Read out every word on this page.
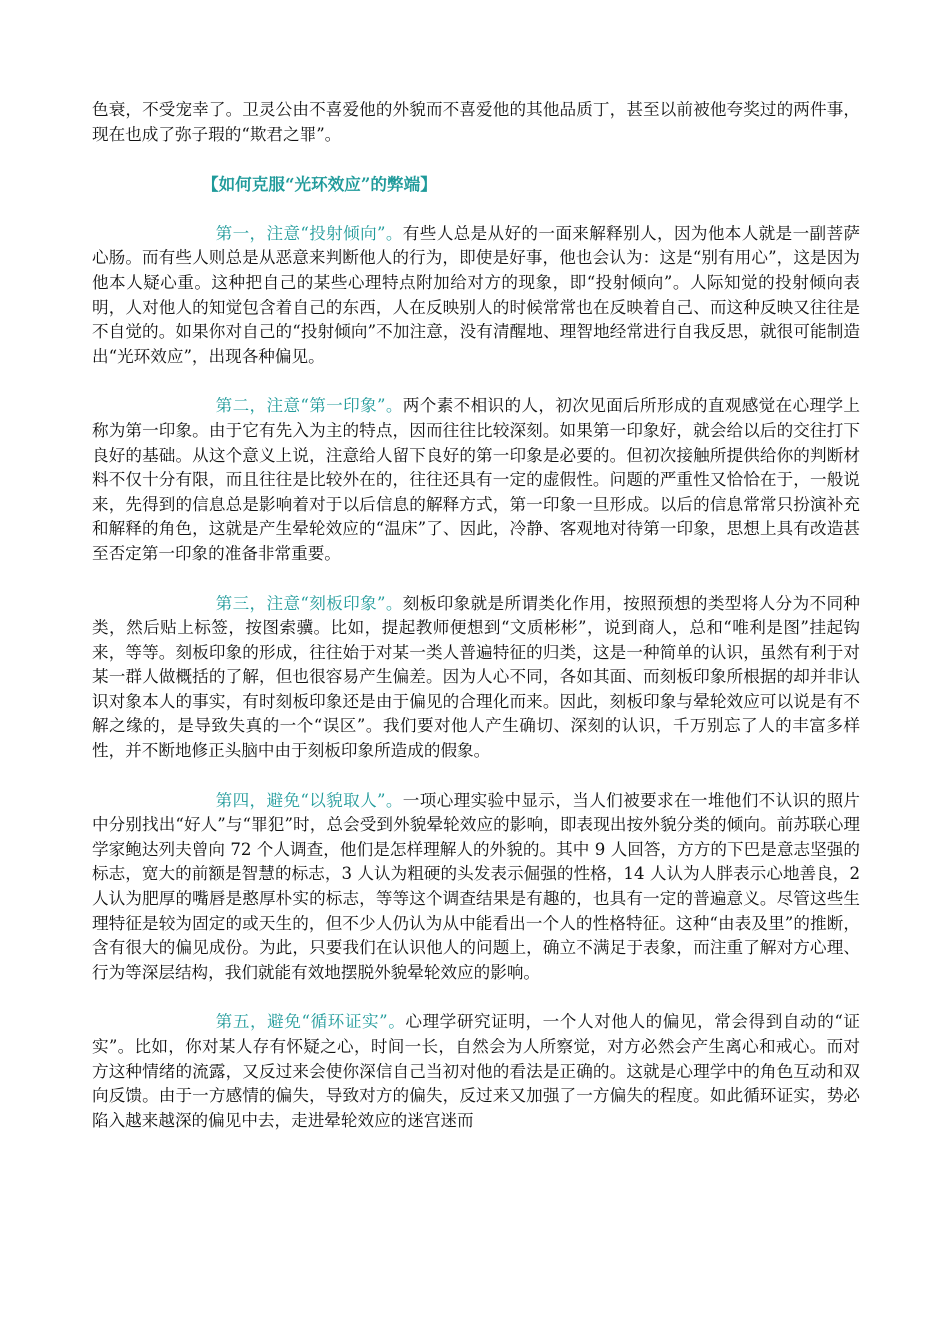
色衰，不受宠幸了。卫灵公由不喜爱他的外貌而不喜爱他的其他品质丁，甚至以前被他夸奖过的两件事，现在也成了弥子瑕的“欺君之罪”。

【如何克服“光环效应”的弊端】

第一，注意“投射倾向”。有些人总是从好的一面来解释别人，因为他本人就是一副菩萨心肠。而有些人则总是从恶意来判断他人的行为，即使是好事，他也会认为：这是“别有用心”，这是因为他本人疑心重。这种把自己的某些心理特点附加给对方的现象，即“投射倾向”。人际知觉的投射倾向表明，人对他人的知觉包含着自己的东西，人在反映别人的时候常常也在反映着自己、而这种反映又往往是不自觉的。如果你对自己的“投射倾向”不加注意，没有清醒地、理智地经常进行自我反思，就很可能制造出“光环效应”，出现各种偏见。

第二，注意“第一印象”。两个素不相识的人，初次见面后所形成的直观感觉在心理学上称为第一印象。由于它有先入为主的特点，因而往往比较深刻。如果第一印象好，就会给以后的交往打下良好的基础。从这个意义上说，注意给人留下良好的第一印象是必要的。但初次接触所提供给你的判断材料不仅十分有限，而且往往是比较外在的，往往还具有一定的虚假性。问题的严重性又恰恰在于，一般说来，先得到的信息总是影响着对于以后信息的解释方式，第一印象一旦形成。以后的信息常常只扮演补充和解释的角色，这就是产生晕轮效应的“温床”了、因此，冷静、客观地对待第一印象，思想上具有改造甚至否定第一印象的准备非常重要。

第三，注意“刻板印象”。刻板印象就是所谓类化作用，按照预想的类型将人分为不同种类，然后贴上标签，按图索骥。比如，提起教师便想到“文质彬彬”，说到商人，总和“唯利是图”挂起钩来，等等。刻板印象的形成，往往始于对某一类人普遍特征的归类，这是一种简单的认识，虽然有利于对某一群人做概括的了解，但也很容易产生偏差。因为人心不同，各如其面、而刻板印象所根据的却并非认识对象本人的事实，有时刻板印象还是由于偏见的合理化而来。因此，刻板印象与晕轮效应可以说是有不解之缘的，是导致失真的一个“误区”。我们要对他人产生确切、深刻的认识，千万别忘了人的丰富多样性，并不断地修正头脑中由于刻板印象所造成的假象。

第四，避免“以貌取人”。一项心理实验中显示，当人们被要求在一堆他们不认识的照片中分别找出“好人”与“罪犯”时，总会受到外貌晕轮效应的影响，即表现出按外貌分类的倾向。前苏联心理学家鲍达列夫曾向 72 个人调查，他们是怎样理解人的外貌的。其中 9 人回答，方方的下巴是意志坚强的标志，宽大的前额是智慧的标志，3 人认为粗硬的头发表示倔强的性格，14 人认为人胖表示心地善良，2 人认为肥厚的嘴唇是憨厚朴实的标志，等等这个调查结果是有趣的，也具有一定的普遍意义。尽管这些生理特征是较为固定的或天生的，但不少人仍认为从中能看出一个人的性格特征。这种“由表及里”的推断，含有很大的偏见成份。为此，只要我们在认识他人的问题上，确立不满足于表象，而注重了解对方心理、行为等深层结构，我们就能有效地摆脱外貌晕轮效应的影响。

第五，避免“循环证实”。心理学研究证明，一个人对他人的偏见，常会得到自动的“证实”。比如，你对某人存有怀疑之心，时间一长，自然会为人所察觉，对方必然会产生离心和戒心。而对方这种情绪的流露，又反过来会使你深信自己当初对他的看法是正确的。这就是心理学中的角色互动和双向反馈。由于一方感情的偏失，导致对方的偏失，反过来又加强了一方偏失的程度。如此循环证实，势必陷入越来越深的偏见中去，走进晕轮效应的迷宫迷而
